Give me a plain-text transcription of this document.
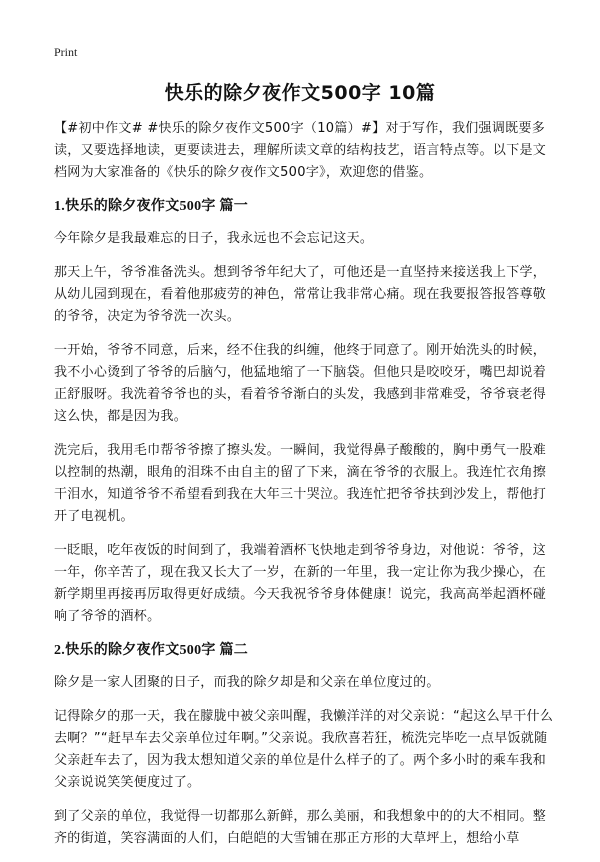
Print
快乐的除夕夜作文500字 10篇

【#初中作文# #快乐的除夕夜作文500字（10篇）#】对于写作，我们强调既要多读，又要选择地读，更要读进去，理解所读文章的结构技艺，语言特点等。以下是文档网为大家准备的《快乐的除夕夜作文500字》，欢迎您的借鉴。

1.快乐的除夕夜作文500字 篇一

今年除夕是我最难忘的日子，我永远也不会忘记这天。

那天上午，爷爷准备洗头。想到爷爷年纪大了，可他还是一直坚持来接送我上下学，从幼儿园到现在，看着他那疲劳的神色，常常让我非常心痛。现在我要报答报答尊敬的爷爷，决定为爷爷洗一次头。

一开始，爷爷不同意，后来，经不住我的纠缠，他终于同意了。刚开始洗头的时候，我不小心烫到了爷爷的后脑勺，他猛地缩了一下脑袋。但他只是咬咬牙，嘴巴却说着正舒服呀。我洗着爷爷也的头，看着爷爷渐白的头发，我感到非常难受，爷爷衰老得这么快，都是因为我。

洗完后，我用毛巾帮爷爷擦了擦头发。一瞬间，我觉得鼻子酸酸的，胸中勇气一股难以控制的热潮，眼角的泪珠不由自主的留了下来，滴在爷爷的衣服上。我连忙衣角擦干泪水，知道爷爷不希望看到我在大年三十哭泣。我连忙把爷爷扶到沙发上，帮他打开了电视机。

一眨眼，吃年夜饭的时间到了，我端着酒杯飞快地走到爷爷身边，对他说：爷爷，这一年，你辛苦了，现在我又长大了一岁，在新的一年里，我一定让你为我少操心，在新学期里再接再厉取得更好成绩。今天我祝爷爷身体健康！说完，我高高举起酒杯碰响了爷爷的酒杯。

2.快乐的除夕夜作文500字 篇二

除夕是一家人团聚的日子，而我的除夕却是和父亲在单位度过的。

记得除夕的那一天，我在朦胧中被父亲叫醒，我懒洋洋的对父亲说：“起这么早干什么去啊？”“赶早车去父亲单位过年啊。”父亲说。我欣喜若狂，梳洗完毕吃一点早饭就随父亲赶车去了，因为我太想知道父亲的单位是什么样子的了。两个多小时的乘车我和父亲说说笑笑便度过了。

到了父亲的单位，我觉得一切都那么新鲜，那么美丽，和我想象中的的大不相同。整齐的街道，笑容满面的人们，白皑皑的大雪铺在那正方形的大草坪上，想给小草
